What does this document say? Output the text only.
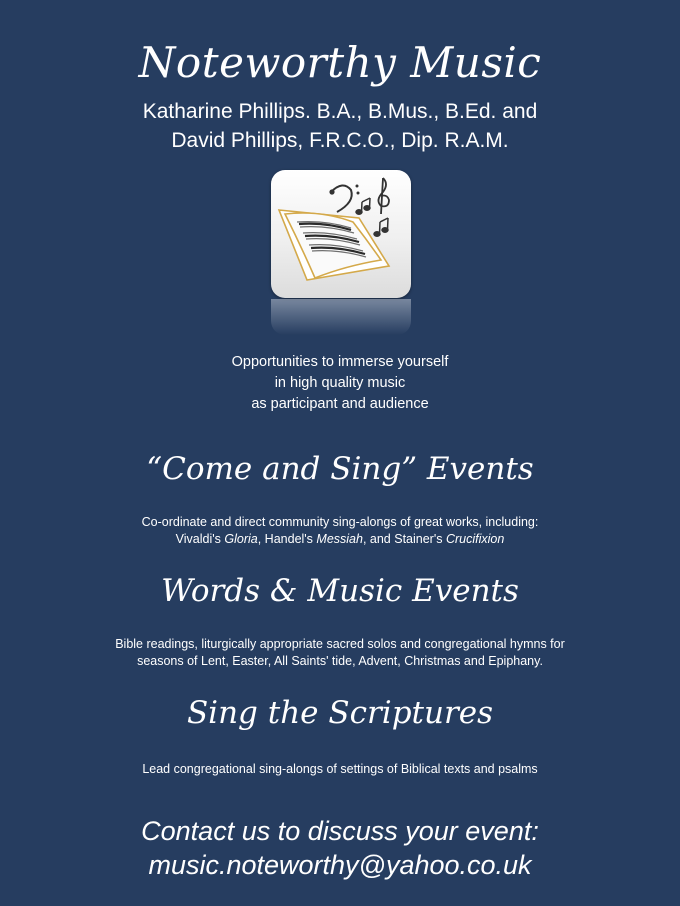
Noteworthy Music
Katharine Phillips. B.A., B.Mus., B.Ed. and
David Phillips, F.R.C.O., Dip. R.A.M.
Opportunities to immerse yourself
in high quality music
as participant and audience
“Come and Sing” Events
Co-ordinate and direct community sing-alongs of great works, including:
Vivaldi's Gloria, Handel's Messiah, and Stainer's Crucifixion
Words & Music Events
Bible readings, liturgically appropriate sacred solos and congregational hymns for
seasons of Lent, Easter, All Saints' tide, Advent, Christmas and Epiphany.
Sing the Scriptures
Lead congregational sing-alongs of settings of Biblical texts and psalms
Contact us to discuss your event:
music.noteworthy@yahoo.co.uk
